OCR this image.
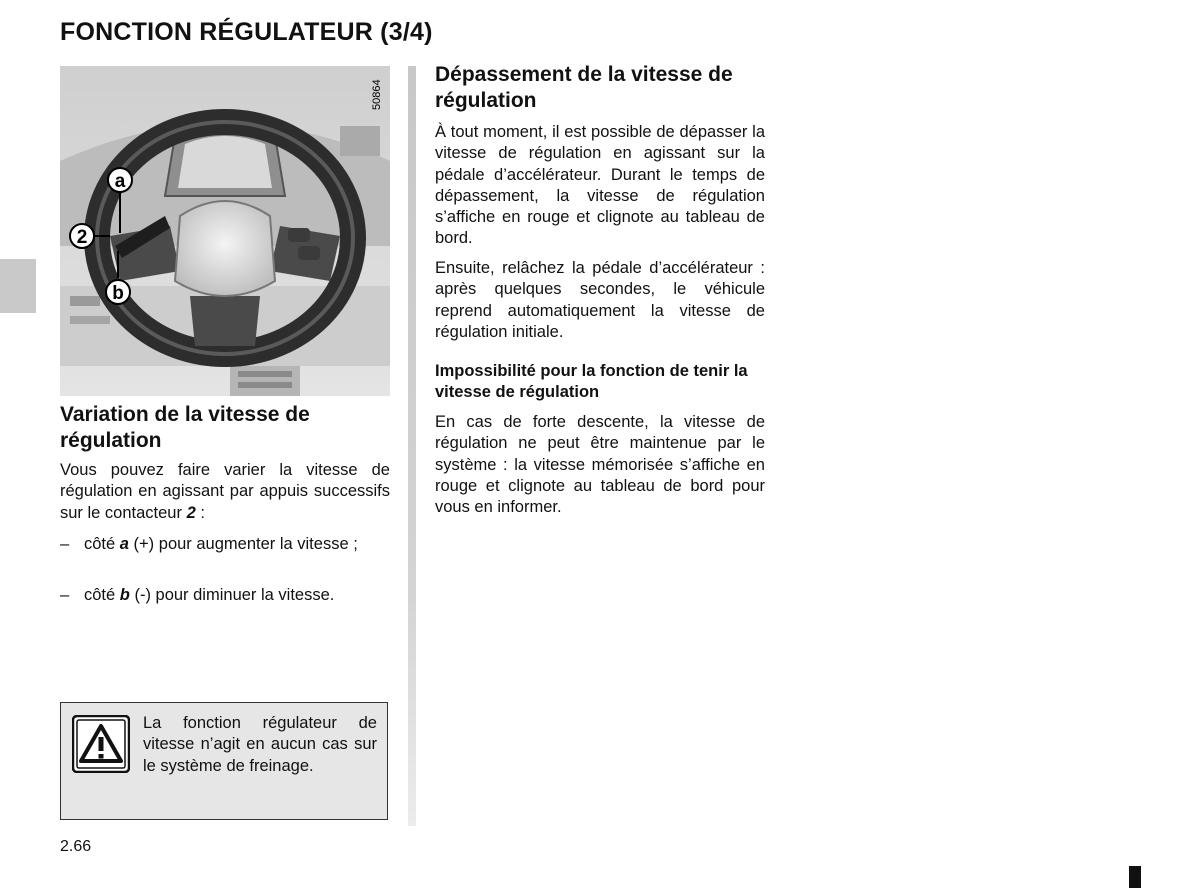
FONCTION RÉGULATEUR (3/4)
a
2
b
50864

Variation de la vitesse de régulation

Vous pouvez faire varier la vitesse de régulation en agissant par appuis successifs sur le contacteur 2 :

– côté a (+) pour augmenter la vitesse ;
– côté b (-) pour diminuer la vitesse.
La fonction régulateur de vitesse n’agit en aucun cas sur le système de freinage.

Dépassement de la vitesse de régulation

À tout moment, il est possible de dépasser la vitesse de régulation en agissant sur la pédale d’accélérateur. Durant le temps de dépassement, la vitesse de régulation s’affiche en rouge et clignote au tableau de bord.

Ensuite, relâchez la pédale d’accélérateur : après quelques secondes, le véhicule reprend automatiquement la vitesse de régulation initiale.

Impossibilité pour la fonction de tenir la vitesse de régulation

En cas de forte descente, la vitesse de régulation ne peut être maintenue par le système : la vitesse mémorisée s’affiche en rouge et clignote au tableau de bord pour vous en informer.

2.66
